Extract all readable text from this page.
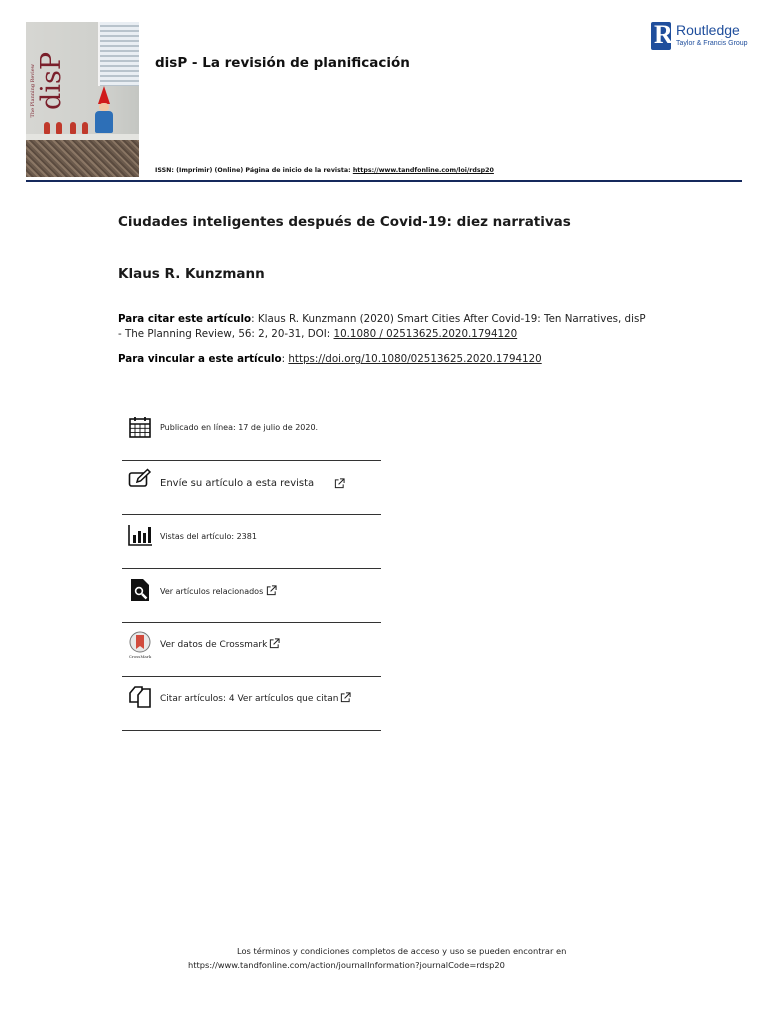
disP
The Planning Review
disP - La revisión de planificación
ISSN: (Imprimir) (Online) Página de inicio de la revista: https://www.tandfonline.com/loi/rdsp20
R
Routledge
Taylor & Francis Group
Ciudades inteligentes después de Covid-19: diez narrativas
Klaus R. Kunzmann
Para citar este artículo: Klaus R. Kunzmann (2020) Smart Cities After Covid-19: Ten Narratives, disP - The Planning Review, 56: 2, 20-31, DOI: 10.1080 / 02513625.2020.1794120
Para vincular a este artículo: https://doi.org/10.1080/02513625.2020.1794120
Publicado en línea: 17 de julio de 2020.
Envíe su artículo a esta revista
Vistas del artículo: 2381
Ver artículos relacionados
CrossMark
Ver datos de Crossmark
Citar artículos: 4 Ver artículos que citan
Los términos y condiciones completos de acceso y uso se pueden encontrar en
https://www.tandfonline.com/action/journalInformation?journalCode=rdsp20
